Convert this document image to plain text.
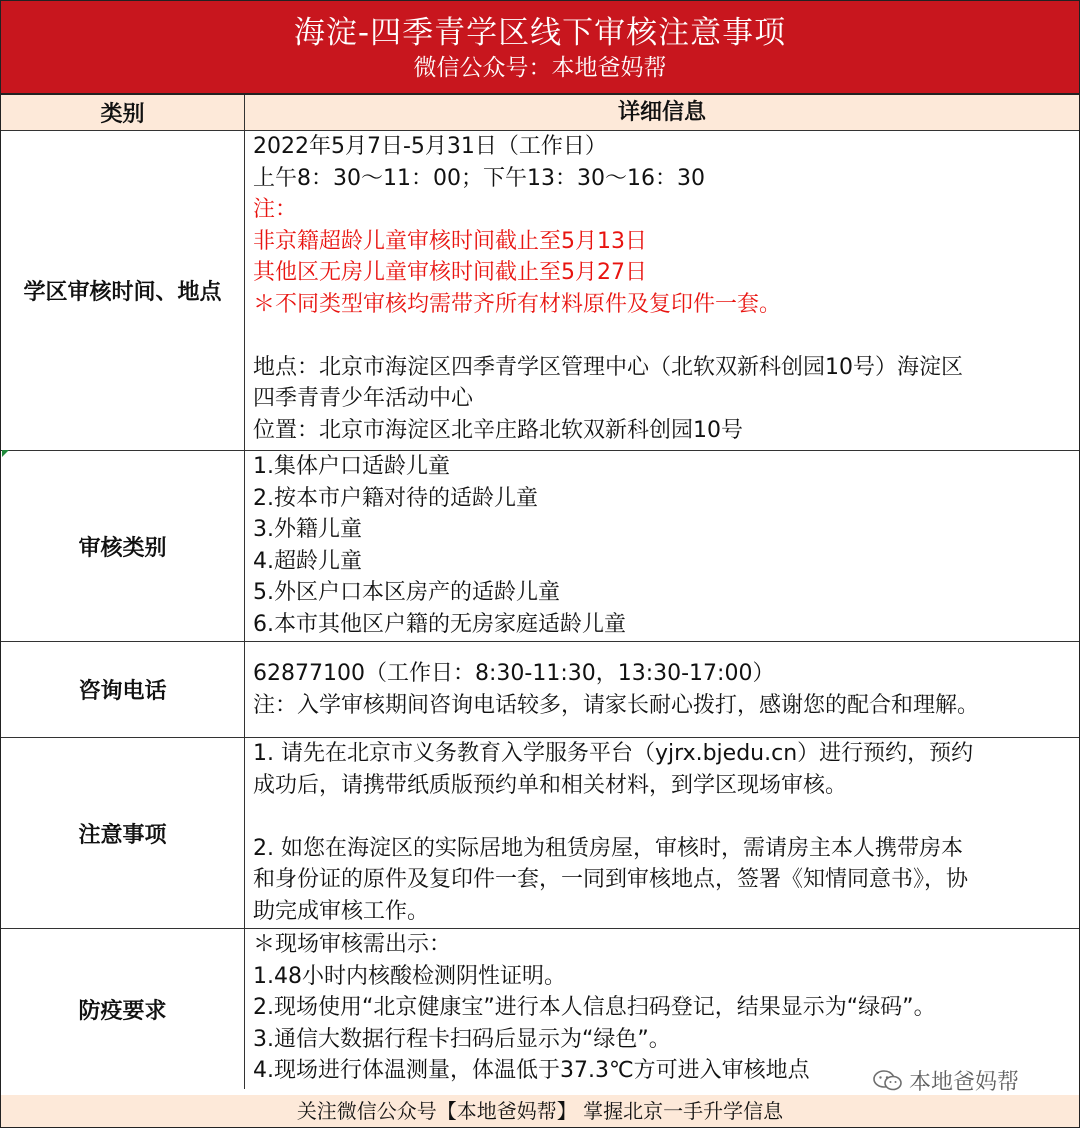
海淀-四季青学区线下审核注意事项
微信公众号：本地爸妈帮
类别	详细信息
学区审核时间、地点
2022年5月7日-5月31日（工作日）
上午8：30～11：00；下午13：30～16：30
注：
非京籍超龄儿童审核时间截止至5月13日
其他区无房儿童审核时间截止至5月27日
＊不同类型审核均需带齐所有材料原件及复印件一套。
地点：北京市海淀区四季青学区管理中心（北软双新科创园10号）海淀区
四季青青少年活动中心
位置：北京市海淀区北辛庄路北软双新科创园10号
审核类别
1.集体户口适龄儿童
2.按本市户籍对待的适龄儿童
3.外籍儿童
4.超龄儿童
5.外区户口本区房产的适龄儿童
6.本市其他区户籍的无房家庭适龄儿童
咨询电话
62877100（工作日：8:30-11:30，13:30-17:00）
注：入学审核期间咨询电话较多，请家长耐心拨打，感谢您的配合和理解。
注意事项
1. 请先在北京市义务教育入学服务平台（yjrx.bjedu.cn）进行预约，预约
成功后，请携带纸质版预约单和相关材料，到学区现场审核。
2. 如您在海淀区的实际居地为租赁房屋，审核时，需请房主本人携带房本
和身份证的原件及复印件一套，一同到审核地点，签署《知情同意书》，协
助完成审核工作。
防疫要求
＊现场审核需出示：
1.48小时内核酸检测阴性证明。
2.现场使用“北京健康宝”进行本人信息扫码登记，结果显示为“绿码”。
3.通信大数据行程卡扫码后显示为“绿色”。
4.现场进行体温测量，体温低于37.3℃方可进入审核地点
关注微信公众号【本地爸妈帮】 掌握北京一手升学信息
本地爸妈帮
